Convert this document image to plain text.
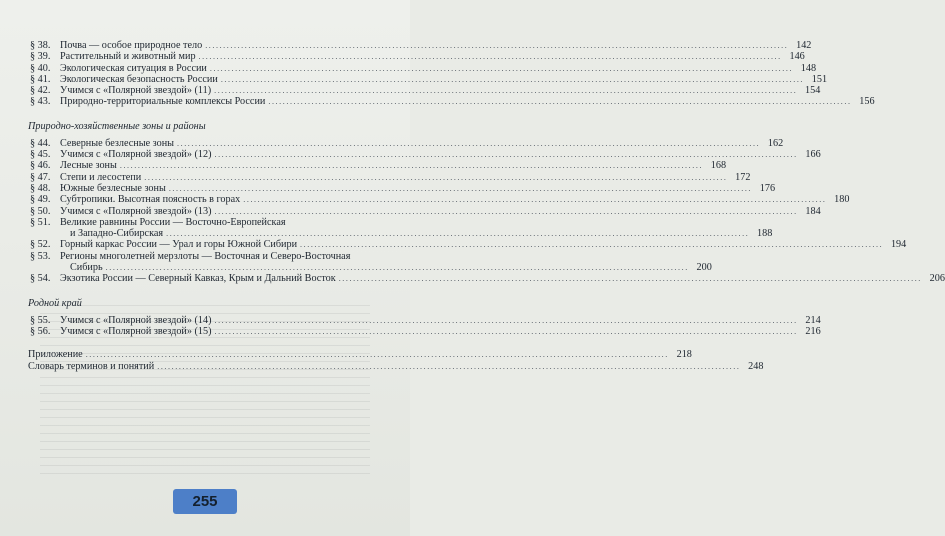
§ 38. Почва — особое природное тело .....	142
§ 39. Растительный и животный мир .....	146
§ 40. Экологическая ситуация в России .....	148
§ 41. Экологическая безопасность России .....	151
§ 42. Учимся с «Полярной звездой» (11) .....	154
§ 43. Природно-территориальные комплексы России .....	156
Природно-хозяйственные зоны и районы
§ 44. Северные безлесные зоны .....	162
§ 45. Учимся с «Полярной звездой» (12) .....	166
§ 46. Лесные зоны .....	168
§ 47. Степи и лесостепи .....	172
§ 48. Южные безлесные зоны .....	176
§ 49. Субтропики. Высотная поясность в горах .....	180
§ 50. Учимся с «Полярной звездой» (13) .....	184
§ 51. Великие равнины России — Восточно-Европейская
и Западно-Сибирская .....	188
§ 52. Горный каркас России — Урал и горы Южной Сибири .....	194
§ 53. Регионы многолетней мерзлоты — Восточная и Северо-Восточная
Сибирь .....	200
§ 54. Экзотика России — Северный Кавказ, Крым и Дальний Восток .....	206
Родной край
§ 55. Учимся с «Полярной звездой» (14) .....	214
§ 56. Учимся с «Полярной звездой» (15) .....	216
Приложение .....	218
Словарь терминов и понятий .....	248
255
